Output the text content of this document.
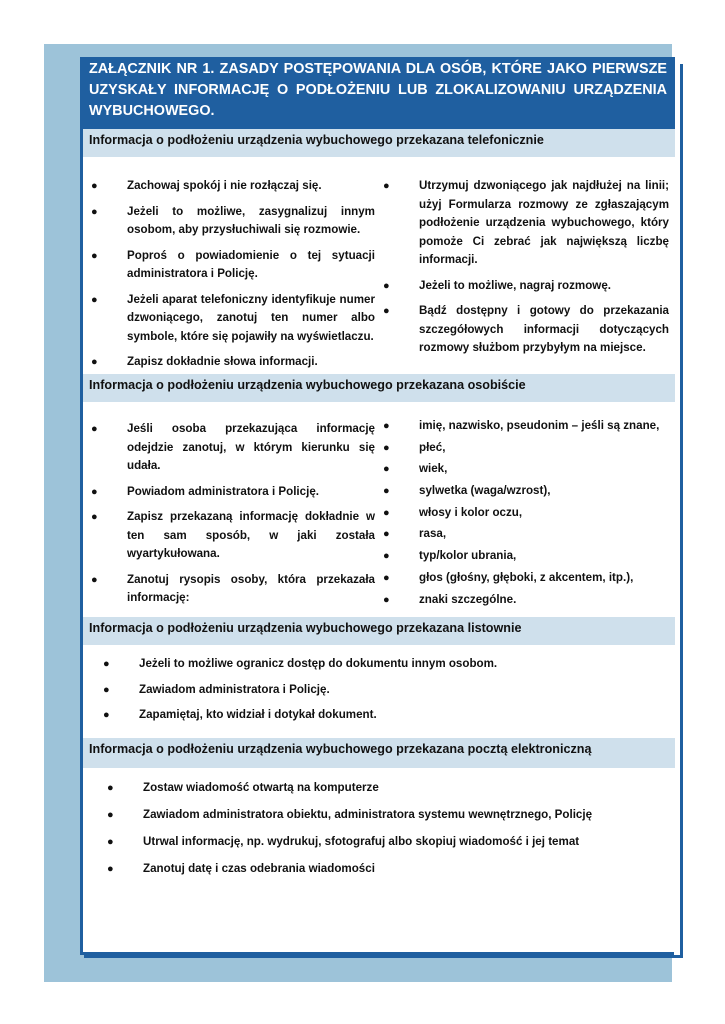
ZAŁĄCZNIK NR 1. ZASADY POSTĘPOWANIA DLA OSÓB, KTÓRE JAKO PIERWSZE UZYSKAŁY INFORMACJĘ O PODŁOŻENIU LUB ZLOKALIZOWANIU URZĄDZENIA WYBUCHOWEGO.
Informacja o podłożeniu urządzenia wybuchowego przekazana telefonicznie
●	Zachowaj spokój i nie rozłączaj się.
●	Jeżeli to możliwe, zasygnalizuj innym osobom, aby przysłuchiwali się rozmowie.
●	Poproś o powiadomienie o tej sytuacji administratora i Policję.
●	Jeżeli aparat telefoniczny identyfikuje numer dzwoniącego, zanotuj ten numer albo symbole, które się pojawiły na wyświetlaczu.
●	Zapisz dokładnie słowa informacji.
●	Utrzymuj dzwoniącego jak najdłużej na linii; użyj Formularza rozmowy ze zgłaszającym podłożenie urządzenia wybuchowego, który pomoże Ci zebrać jak największą liczbę informacji.
●	Jeżeli to możliwe, nagraj rozmowę.
●	Bądź dostępny i gotowy do przekazania szczegółowych informacji dotyczących rozmowy służbom przybyłym na miejsce.
Informacja o podłożeniu urządzenia wybuchowego przekazana osobiście
●	Jeśli osoba przekazująca informację odejdzie zanotuj, w którym kierunku się udała.
●	Powiadom administratora i Policję.
●	Zapisz przekazaną informację dokładnie w ten sam sposób, w jaki została wyartykułowana.
●	Zanotuj rysopis osoby, która przekazała informację:
●	imię, nazwisko, pseudonim – jeśli są znane,
●	płeć,
●	wiek,
●	sylwetka (waga/wzrost),
●	włosy i kolor oczu,
●	rasa,
●	typ/kolor ubrania,
●	głos (głośny, głęboki, z akcentem, itp.),
●	znaki szczególne.
Informacja o podłożeniu urządzenia wybuchowego przekazana listownie
●	Jeżeli to możliwe ogranicz dostęp do dokumentu innym osobom.
●	Zawiadom administratora i Policję.
●	Zapamiętaj, kto widział i dotykał dokument.
Informacja o podłożeniu urządzenia wybuchowego przekazana pocztą elektroniczną
●	Zostaw wiadomość otwartą na komputerze
●	Zawiadom administratora obiektu, administratora systemu wewnętrznego, Policję
●	Utrwal informację, np. wydrukuj, sfotografuj albo skopiuj wiadomość i jej temat
●	Zanotuj datę i czas odebrania wiadomości
